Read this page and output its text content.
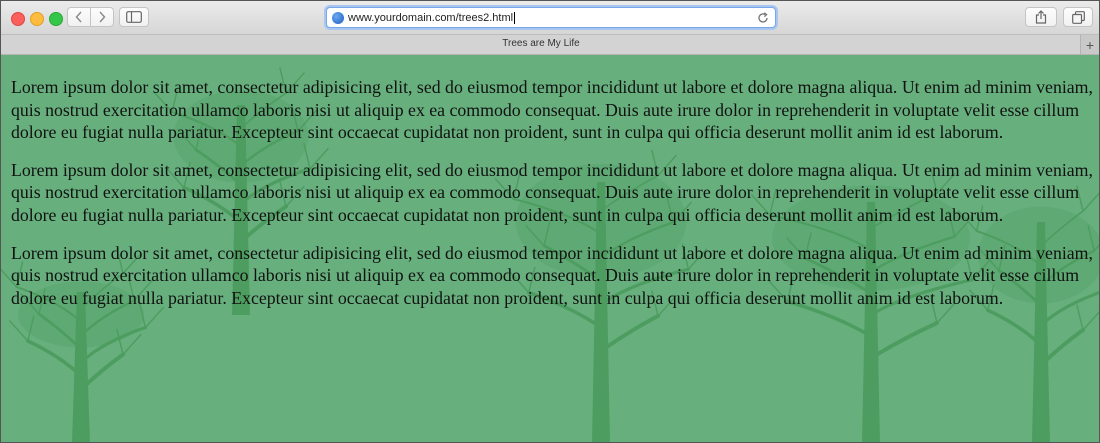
www.yourdomain.com/trees2.html
Trees are My Life	+

Lorem ipsum dolor sit amet, consectetur adipisicing elit, sed do eiusmod tempor incididunt ut labore et dolore magna aliqua. Ut enim ad minim veniam, quis nostrud exercitation ullamco laboris nisi ut aliquip ex ea commodo consequat. Duis aute irure dolor in reprehenderit in voluptate velit esse cillum dolore eu fugiat nulla pariatur. Excepteur sint occaecat cupidatat non proident, sunt in culpa qui officia deserunt mollit anim id est laborum.

Lorem ipsum dolor sit amet, consectetur adipisicing elit, sed do eiusmod tempor incididunt ut labore et dolore magna aliqua. Ut enim ad minim veniam, quis nostrud exercitation ullamco laboris nisi ut aliquip ex ea commodo consequat. Duis aute irure dolor in reprehenderit in voluptate velit esse cillum dolore eu fugiat nulla pariatur. Excepteur sint occaecat cupidatat non proident, sunt in culpa qui officia deserunt mollit anim id est laborum.

Lorem ipsum dolor sit amet, consectetur adipisicing elit, sed do eiusmod tempor incididunt ut labore et dolore magna aliqua. Ut enim ad minim veniam, quis nostrud exercitation ullamco laboris nisi ut aliquip ex ea commodo consequat. Duis aute irure dolor in reprehenderit in voluptate velit esse cillum dolore eu fugiat nulla pariatur. Excepteur sint occaecat cupidatat non proident, sunt in culpa qui officia deserunt mollit anim id est laborum.
